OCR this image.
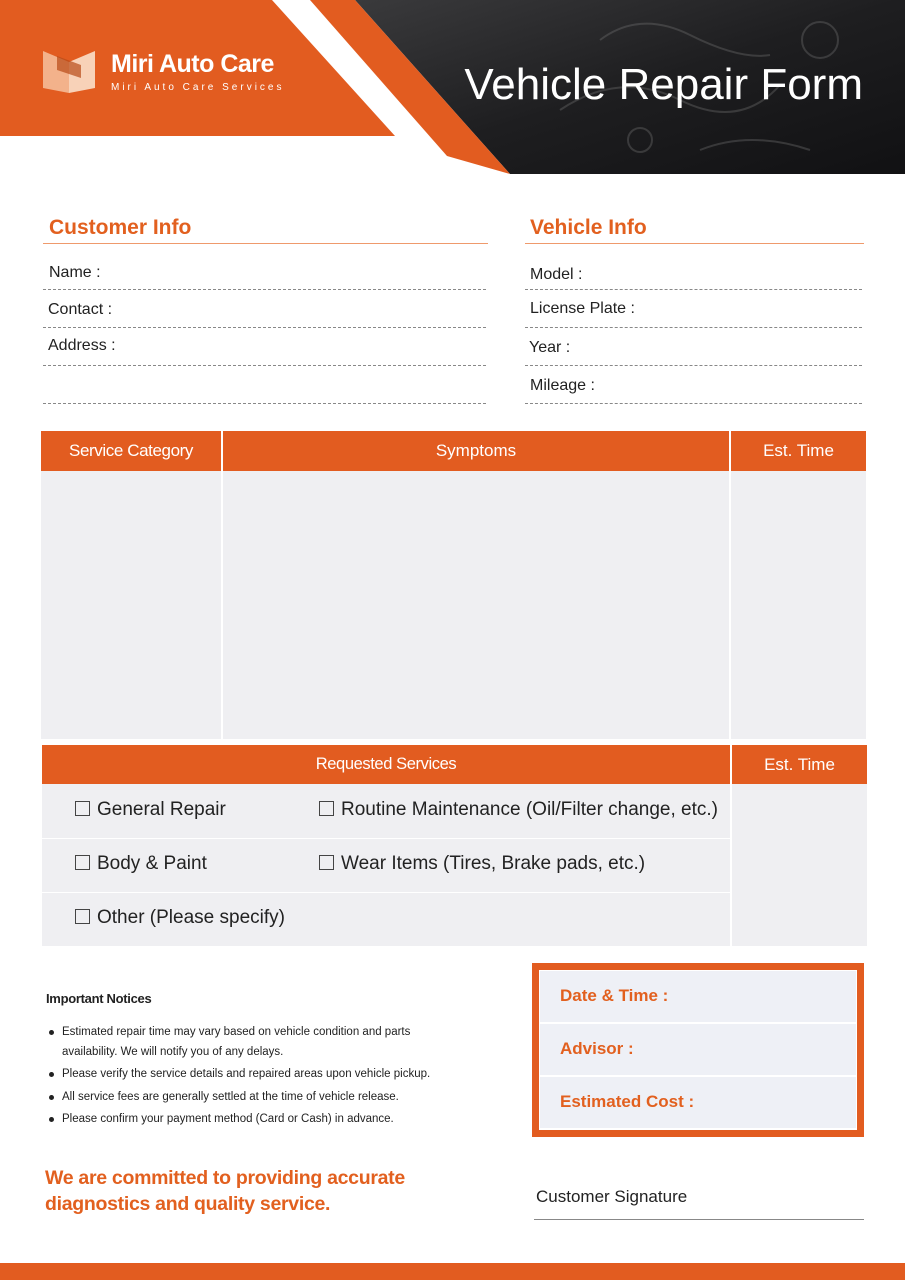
Miri Auto Care
Miri Auto Care Services	Vehicle Repair Form
Customer Info
Name :
Contact :
Address :
Vehicle Info
Model :
License Plate :
Year :
Mileage :
Service Category	Symptoms	Est. Time
Requested Services	Est. Time
General Repair	Routine Maintenance (Oil/Filter change, etc.)
Body & Paint	Wear Items (Tires, Brake pads, etc.)
Other (Please specify)
Important Notices
Estimated repair time may vary based on vehicle condition and parts availability. We will notify you of any delays.
Please verify the service details and repaired areas upon vehicle pickup.
All service fees are generally settled at the time of vehicle release.
Please confirm your payment method (Card or Cash) in advance.
We are committed to providing accurate diagnostics and quality service.
Date & Time :
Advisor :
Estimated Cost :
Customer Signature
